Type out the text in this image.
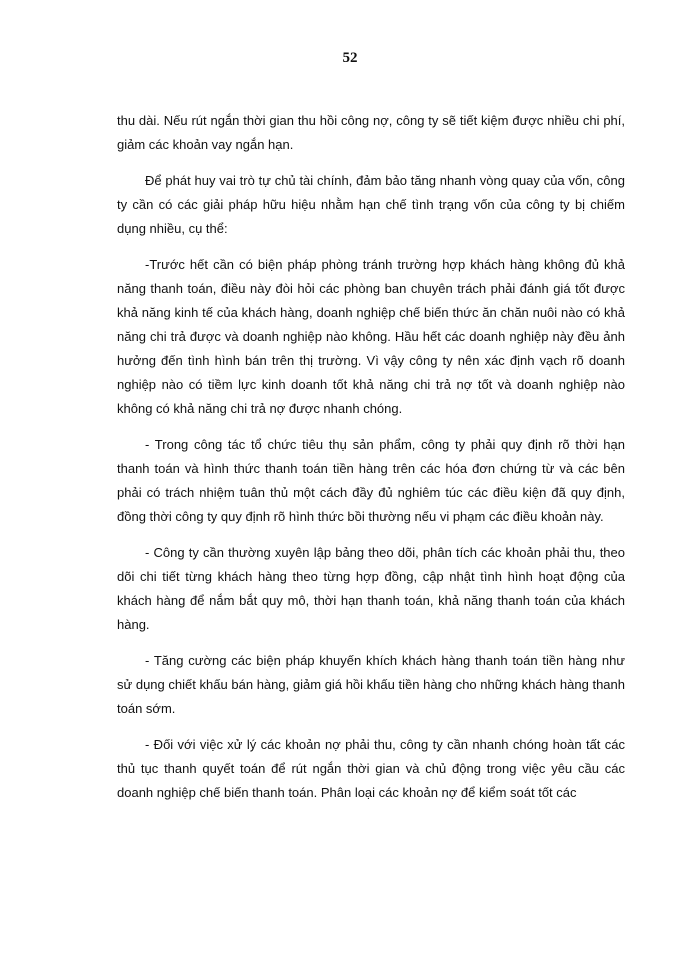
52

thu dài. Nếu rút ngắn thời gian thu hồi công nợ, công ty sẽ tiết kiệm được nhiều chi phí, giảm các khoản vay ngắn hạn.

Để phát huy vai trò tự chủ tài chính, đảm bảo tăng nhanh vòng quay của vốn, công ty cần có các giải pháp hữu hiệu nhằm hạn chế tình trạng vốn của công ty bị chiếm dụng nhiều, cụ thể:

-Trước hết cần có biện pháp phòng tránh trường hợp khách hàng không đủ khả năng thanh toán, điều này đòi hỏi các phòng ban chuyên trách phải đánh giá tốt được khả năng kinh tế của khách hàng, doanh nghiệp chế biến thức ăn chăn nuôi nào có khả năng chi trả được và doanh nghiệp nào không. Hầu hết các doanh nghiệp này đều ảnh hưởng đến tình hình bán trên thị trường. Vì vậy công ty nên xác định vạch rõ doanh nghiệp nào có tiềm lực kinh doanh tốt khả năng chi trả nợ tốt và doanh nghiệp nào không có khả năng chi trả nợ được nhanh chóng.

- Trong công tác tổ chức tiêu thụ sản phẩm, công ty phải quy định rõ thời hạn thanh toán và hình thức thanh toán tiền hàng trên các hóa đơn chứng từ và các bên phải có trách nhiệm tuân thủ một cách đầy đủ nghiêm túc các điều kiện đã quy định, đồng thời công ty quy định rõ hình thức bồi thường nếu vi phạm các điều khoản này.

- Công ty cần thường xuyên lập bảng theo dõi, phân tích các khoản phải thu, theo dõi chi tiết từng khách hàng theo từng hợp đồng, cập nhật tình hình hoạt động của khách hàng để nắm bắt quy mô, thời hạn thanh toán, khả năng thanh toán của khách hàng.

- Tăng cường các biện pháp khuyến khích khách hàng thanh toán tiền hàng như sử dụng chiết khấu bán hàng, giảm giá hồi khấu tiền hàng cho những khách hàng thanh toán sớm.

- Đối với việc xử lý các khoản nợ phải thu, công ty cần nhanh chóng hoàn tất các thủ tục thanh quyết toán để rút ngắn thời gian và chủ động trong việc yêu cầu các doanh nghiệp chế biến thanh toán. Phân loại các khoản nợ để kiểm soát tốt các
